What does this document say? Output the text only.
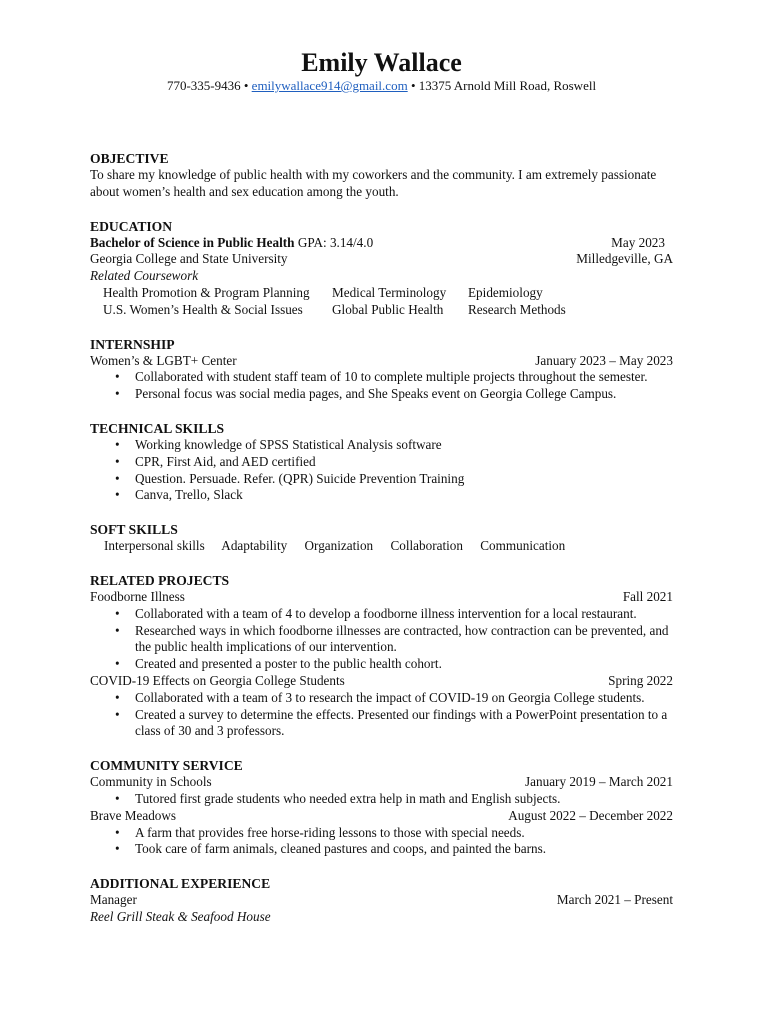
Emily Wallace
770-335-9436 • emilywallace914@gmail.com • 13375 Arnold Mill Road, Roswell
OBJECTIVE
To share my knowledge of public health with my coworkers and the community. I am extremely passionate about women’s health and sex education among the youth.
EDUCATION
Bachelor of Science in Public Health GPA: 3.14/4.0	May 2023
Georgia College and State University	Milledgeville, GA
Related Coursework
Health Promotion & Program Planning	Medical Terminology	Epidemiology
U.S. Women’s Health & Social Issues	Global Public Health	Research Methods
INTERNSHIP
Women’s & LGBT+ Center	January 2023 – May 2023
• Collaborated with student staff team of 10 to complete multiple projects throughout the semester.
• Personal focus was social media pages, and She Speaks event on Georgia College Campus.
TECHNICAL SKILLS
• Working knowledge of SPSS Statistical Analysis software
• CPR, First Aid, and AED certified
• Question. Persuade. Refer. (QPR) Suicide Prevention Training
• Canva, Trello, Slack
SOFT SKILLS
Interpersonal skills Adaptability Organization Collaboration Communication
RELATED PROJECTS
Foodborne Illness	Fall 2021
• Collaborated with a team of 4 to develop a foodborne illness intervention for a local restaurant.
• Researched ways in which foodborne illnesses are contracted, how contraction can be prevented, and the public health implications of our intervention.
• Created and presented a poster to the public health cohort.
COVID-19 Effects on Georgia College Students	Spring 2022
• Collaborated with a team of 3 to research the impact of COVID-19 on Georgia College students.
• Created a survey to determine the effects. Presented our findings with a PowerPoint presentation to a class of 30 and 3 professors.
COMMUNITY SERVICE
Community in Schools	January 2019 – March 2021
• Tutored first grade students who needed extra help in math and English subjects.
Brave Meadows	August 2022 – December 2022
• A farm that provides free horse-riding lessons to those with special needs.
• Took care of farm animals, cleaned pastures and coops, and painted the barns.
ADDITIONAL EXPERIENCE
Manager	March 2021 – Present
Reel Grill Steak & Seafood House
